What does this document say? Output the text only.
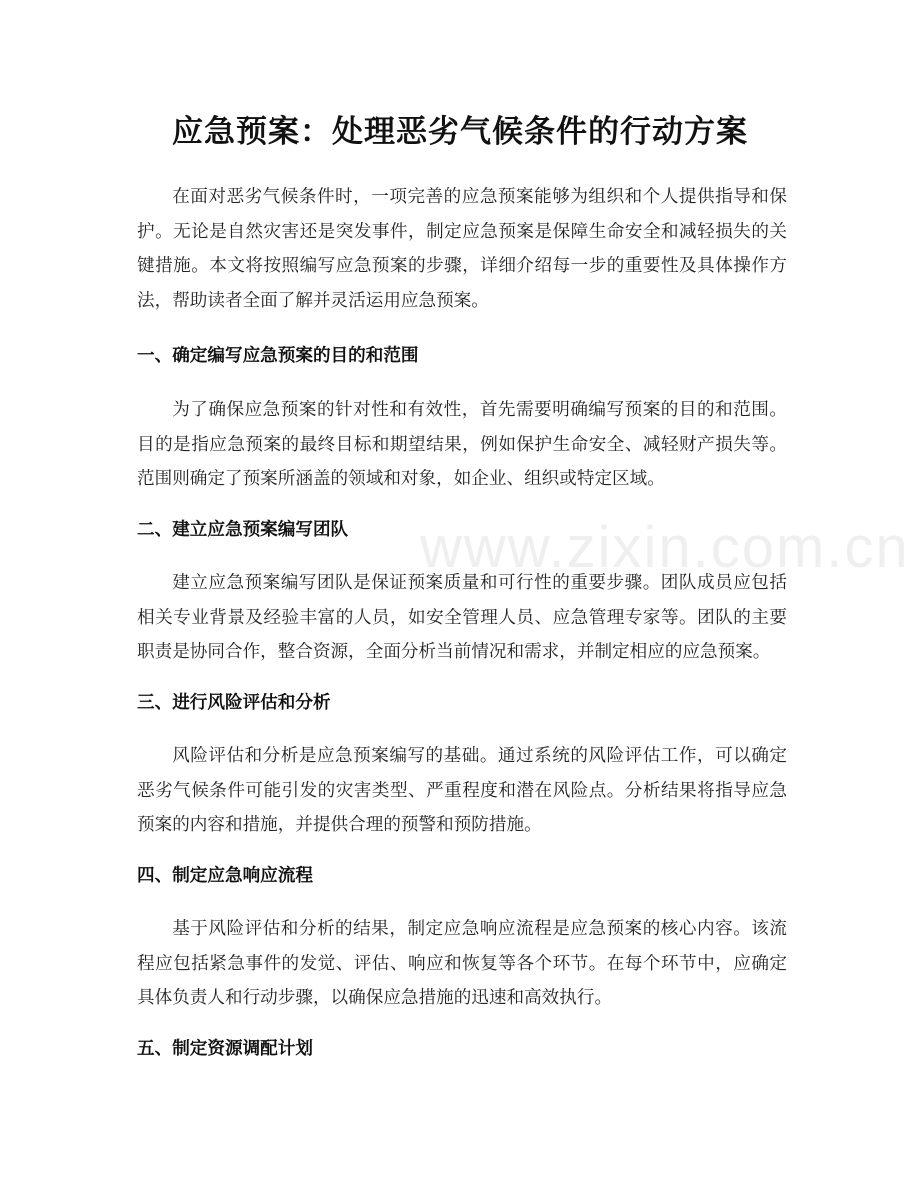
www.zixin.com.cn
应急预案：处理恶劣气候条件的行动方案

在面对恶劣气候条件时，一项完善的应急预案能够为组织和个人提供指导和保护。无论是自然灾害还是突发事件，制定应急预案是保障生命安全和减轻损失的关键措施。本文将按照编写应急预案的步骤，详细介绍每一步的重要性及具体操作方法，帮助读者全面了解并灵活运用应急预案。

一、确定编写应急预案的目的和范围

为了确保应急预案的针对性和有效性，首先需要明确编写预案的目的和范围。目的是指应急预案的最终目标和期望结果，例如保护生命安全、减轻财产损失等。范围则确定了预案所涵盖的领域和对象，如企业、组织或特定区域。

二、建立应急预案编写团队

建立应急预案编写团队是保证预案质量和可行性的重要步骤。团队成员应包括相关专业背景及经验丰富的人员，如安全管理人员、应急管理专家等。团队的主要职责是协同合作，整合资源，全面分析当前情况和需求，并制定相应的应急预案。

三、进行风险评估和分析

风险评估和分析是应急预案编写的基础。通过系统的风险评估工作，可以确定恶劣气候条件可能引发的灾害类型、严重程度和潜在风险点。分析结果将指导应急预案的内容和措施，并提供合理的预警和预防措施。

四、制定应急响应流程

基于风险评估和分析的结果，制定应急响应流程是应急预案的核心内容。该流程应包括紧急事件的发觉、评估、响应和恢复等各个环节。在每个环节中，应确定具体负责人和行动步骤，以确保应急措施的迅速和高效执行。

五、制定资源调配计划
